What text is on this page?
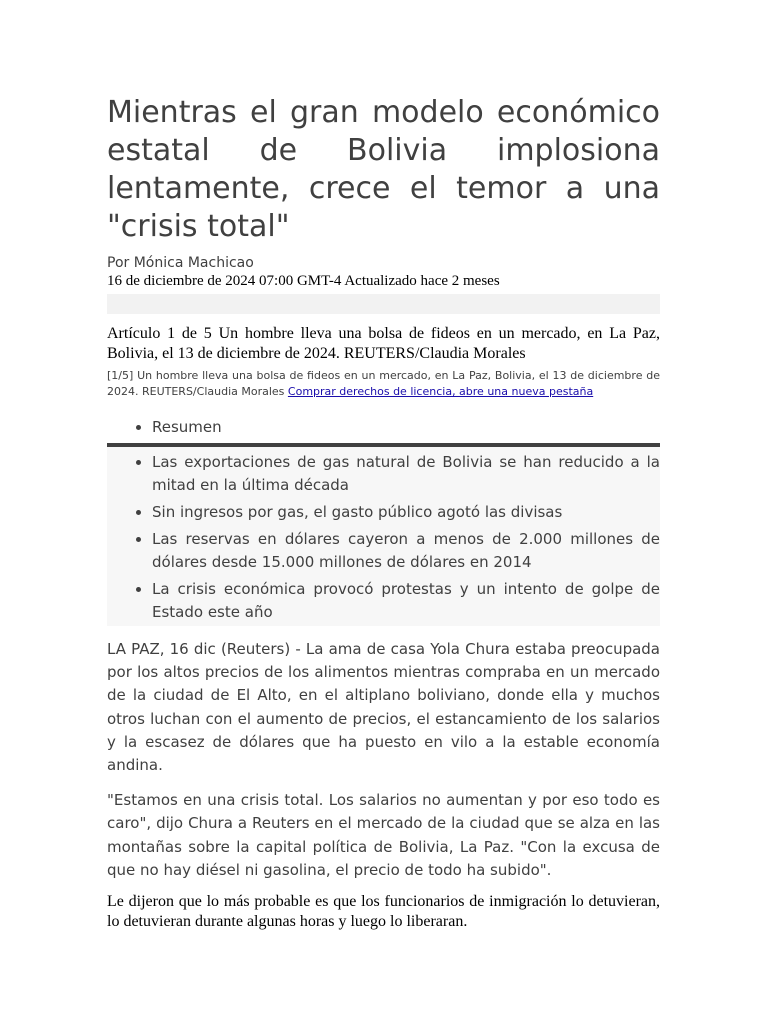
Mientras el gran modelo económico estatal de Bolivia implosiona lentamente, crece el temor a una "crisis total"
Por Mónica Machicao
16 de diciembre de 2024 07:00 GMT-4 Actualizado hace 2 meses
Artículo 1 de 5 Un hombre lleva una bolsa de fideos en un mercado, en La Paz, Bolivia, el 13 de diciembre de 2024. REUTERS/Claudia Morales
[1/5] Un hombre lleva una bolsa de fideos en un mercado, en La Paz, Bolivia, el 13 de diciembre de 2024. REUTERS/Claudia Morales Comprar derechos de licencia, abre una nueva pestaña
• Resumen
• Las exportaciones de gas natural de Bolivia se han reducido a la mitad en la última década
• Sin ingresos por gas, el gasto público agotó las divisas
• Las reservas en dólares cayeron a menos de 2.000 millones de dólares desde 15.000 millones de dólares en 2014
• La crisis económica provocó protestas y un intento de golpe de Estado este año

LA PAZ, 16 dic (Reuters) - La ama de casa Yola Chura estaba preocupada por los altos precios de los alimentos mientras compraba en un mercado de la ciudad de El Alto, en el altiplano boliviano, donde ella y muchos otros luchan con el aumento de precios, el estancamiento de los salarios y la escasez de dólares que ha puesto en vilo a la estable economía andina.

"Estamos en una crisis total. Los salarios no aumentan y por eso todo es caro", dijo Chura a Reuters en el mercado de la ciudad que se alza en las montañas sobre la capital política de Bolivia, La Paz. "Con la excusa de que no hay diésel ni gasolina, el precio de todo ha subido".

Le dijeron que lo más probable es que los funcionarios de inmigración lo detuvieran, lo detuvieran durante algunas horas y luego lo liberaran.
